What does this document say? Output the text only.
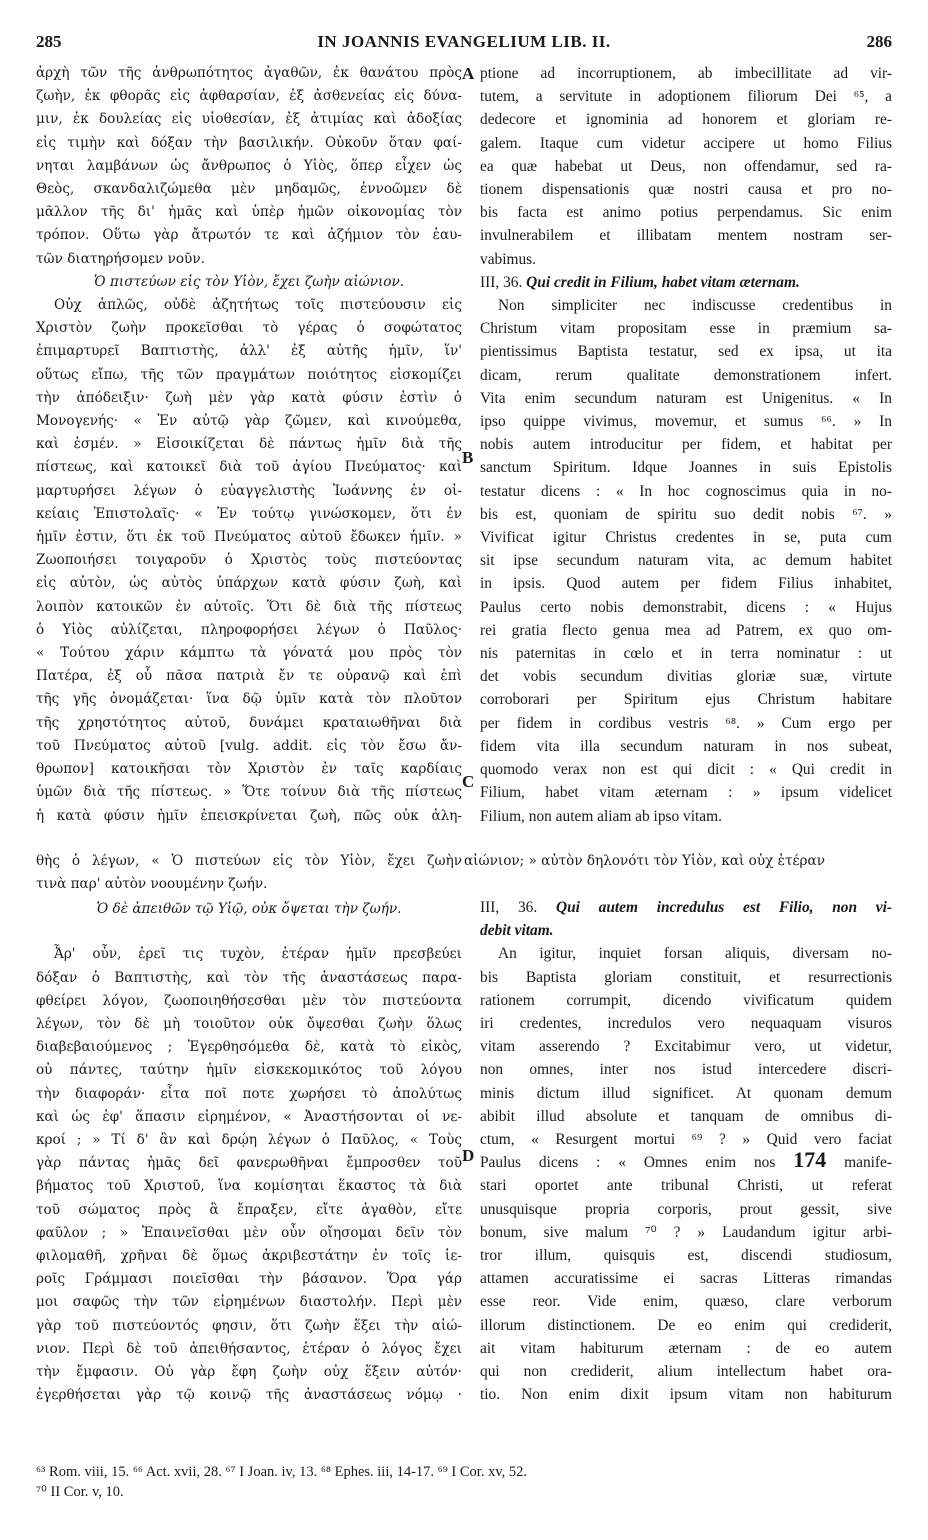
285	IN JOANNIS EVANGELIUM LIB. II.	286
ἀρχὴ τῶν τῆς ἀνθρωπότητος ἀγαθῶν, ἐκ θανάτου πρὸς
ζωὴν, ἐκ φθορᾶς εἰς ἀφθαρσίαν, ἐξ ἀσθενείας εἰς δύνα-
μιν, ἐκ δουλείας εἰς υἱοθεσίαν, ἐξ ἀτιμίας καὶ ἀδοξίας
εἰς τιμὴν καὶ δόξαν τὴν βασιλικήν. Οὐκοῦν ὅταν φαί-
νηται λαμβάνων ὡς ἄνθρωπος ὁ Υἱὸς, ὅπερ εἶχεν ὡς
Θεὸς, σκανδαλιζώμεθα μὲν μηδαμῶς, ἐννοῶμεν δὲ
μᾶλλον τῆς δι' ἡμᾶς καὶ ὑπὲρ ἡμῶν οἰκονομίας τὸν
τρόπον. Οὕτω γὰρ ἄτρωτόν τε καὶ ἀζήμιον τὸν ἑαυ-
τῶν διατηρήσομεν νοῦν.
Ὁ πιστεύων εἰς τὸν Υἱὸν, ἔχει ζωὴν αἰώνιον.
Οὐχ ἁπλῶς, οὐδὲ ἀζητήτως τοῖς πιστεύουσιν εἰς
Χριστὸν ζωὴν προκεῖσθαι τὸ γέρας ὁ σοφώτατος
ἐπιμαρτυρεῖ Βαπτιστὴς, ἀλλ' ἐξ αὐτῆς ἡμῖν, ἵν'
οὕτως εἴπω, τῆς τῶν πραγμάτων ποιότητος εἰσκομίζει
τὴν ἀπόδειξιν· ζωὴ μὲν γὰρ κατὰ φύσιν ἐστὶν ὁ
Μονογενής· « Ἐν αὐτῷ γὰρ ζῶμεν, καὶ κινούμεθα,
καὶ ἐσμέν. » Εἰσοικίζεται δὲ πάντως ἡμῖν διὰ τῆς
πίστεως, καὶ κατοικεῖ διὰ τοῦ ἁγίου Πνεύματος· καὶ
μαρτυρήσει λέγων ὁ εὐαγγελιστὴς Ἰωάννης ἐν οἰ-
κείαις Ἐπιστολαῖς· « Ἐν τούτῳ γινώσκομεν, ὅτι ἐν
ἡμῖν ἐστιν, ὅτι ἐκ τοῦ Πνεύματος αὐτοῦ ἔδωκεν ἡμῖν. »
Ζωοποιήσει τοιγαροῦν ὁ Χριστὸς τοὺς πιστεύοντας
εἰς αὐτὸν, ὡς αὐτὸς ὑπάρχων κατὰ φύσιν ζωὴ, καὶ
λοιπὸν κατοικῶν ἐν αὐτοῖς. Ὅτι δὲ διὰ τῆς πίστεως
ὁ Υἱὸς αὐλίζεται, πληροφορήσει λέγων ὁ Παῦλος·
« Τούτου χάριν κάμπτω τὰ γόνατά μου πρὸς τὸν
Πατέρα, ἐξ οὗ πᾶσα πατριὰ ἔν τε οὐρανῷ καὶ ἐπὶ
τῆς γῆς ὀνομάζεται· ἵνα δῷ ὑμῖν κατὰ τὸν πλοῦτον
τῆς χρηστότητος αὐτοῦ, δυνάμει κραταιωθῆναι διὰ
τοῦ Πνεύματος αὐτοῦ [vulg. addit. εἰς τὸν ἔσω ἄν-
θρωπον] κατοικῆσαι τὸν Χριστὸν ἐν ταῖς καρδίαις
ὑμῶν διὰ τῆς πίστεως. » Ὅτε τοίνυν διὰ τῆς πίστεως
ἡ κατὰ φύσιν ἡμῖν ἐπεισκρίνεται ζωὴ, πῶς οὐκ ἀλη-
θὴς ὁ λέγων, « Ὁ πιστεύων εἰς τὸν Υἱὸν, ἔχει ζωὴν αἰώνιον; » αὐτὸν δηλονότι τὸν Υἱὸν, καὶ οὐχ ἑτέραν
τινὰ παρ' αὐτὸν νοουμένην ζωήν.
Ὁ δὲ ἀπειθῶν τῷ Υἱῷ, οὐκ ὄψεται τὴν ζωήν.
Ἆρ' οὖν, ἐρεῖ τις τυχὸν, ἑτέραν ἡμῖν πρεσβεύει
δόξαν ὁ Βαπτιστὴς, καὶ τὸν τῆς ἀναστάσεως παρα-
φθείρει λόγον, ζωοποιηθήσεσθαι μὲν τὸν πιστεύοντα
λέγων, τὸν δὲ μὴ τοιοῦτον οὐκ ὄψεσθαι ζωὴν ὅλως
διαβεβαιούμενος ; Ἐγερθησόμεθα δὲ, κατὰ τὸ εἰκὸς,
οὐ πάντες, ταύτην ἡμῖν εἰσκεκομικότος τοῦ λόγου
τὴν διαφοράν· εἶτα ποῖ ποτε χωρήσει τὸ ἀπολύτως
καὶ ὡς ἐφ' ἅπασιν εἰρημένον, « Ἀναστήσονται οἱ νε-
κροί ; » Τί δ' ἂν καὶ δρῴη λέγων ὁ Παῦλος, « Τοὺς
γὰρ πάντας ἡμᾶς δεῖ φανερωθῆναι ἔμπροσθεν τοῦ
βήματος τοῦ Χριστοῦ, ἵνα κομίσηται ἕκαστος τὰ διὰ
τοῦ σώματος πρὸς ἃ ἔπραξεν, εἴτε ἀγαθὸν, εἴτε
φαῦλον ; » Ἐπαινεῖσθαι μὲν οὖν οἴησομαι δεῖν τὸν
φιλομαθῆ, χρῆναι δὲ ὅμως ἀκριβεστάτην ἐν τοῖς ἱε-
ροῖς Γράμμασι ποιεῖσθαι τὴν βάσανον. Ὅρα γάρ
μοι σαφῶς τὴν τῶν εἰρημένων διαστολήν. Περὶ μὲν
γὰρ τοῦ πιστεύοντός φησιν, ὅτι ζωὴν ἕξει τὴν αἰώ-
νιον. Περὶ δὲ τοῦ ἀπειθήσαντος, ἑτέραν ὁ λόγος ἔχει
τὴν ἔμφασιν. Οὐ γὰρ ἔφη ζωὴν οὐχ ἕξειν αὐτόν·
ἐγερθήσεται γὰρ τῷ κοινῷ τῆς ἀναστάσεως νόμῳ ·
ptione ad incorruptionem, ab imbecillitate ad vir-
tutem, a servitute in adoptionem filiorum Dei ⁶⁵, a
dedecore et ignominia ad honorem et gloriam re-
galem. Itaque cum videtur accipere ut homo Filius
ea quæ habebat ut Deus, non offendamur, sed ra-
tionem dispensationis quæ nostri causa et pro no-
bis facta est animo potius perpendamus. Sic enim
invulnerabilem et illibatam mentem nostram ser-
vabimus.
III, 36. Qui credit in Filium, habet vitam æternam.
Non simpliciter nec indiscusse credentibus in
Christum vitam propositam esse in præmium sa-
pientissimus Baptista testatur, sed ex ipsa, ut ita
dicam, rerum qualitate demonstrationem infert.
Vita enim secundum naturam est Unigenitus. « In
ipso quippe vivimus, movemur, et sumus ⁶⁶. » In
nobis autem introducitur per fidem, et habitat per
sanctum Spiritum. Idque Joannes in suis Epistolis
testatur dicens : « In hoc cognoscimus quia in no-
bis est, quoniam de spiritu suo dedit nobis ⁶⁷. »
Vivificat igitur Christus credentes in se, puta cum
sit ipse secundum naturam vita, ac demum habitet
in ipsis. Quod autem per fidem Filius inhabitet,
Paulus certo nobis demonstrabit, dicens : « Hujus
rei gratia flecto genua mea ad Patrem, ex quo om-
nis paternitas in cœlo et in terra nominatur : ut
det vobis secundum divitias gloriæ suæ, virtute
corroborari per Spiritum ejus Christum habitare
per fidem in cordibus vestris ⁶⁸. » Cum ergo per
fidem vita illa secundum naturam in nos subeat,
quomodo verax non est qui dicit : « Qui credit in
Filium, habet vitam æternam : » ipsum videlicet
Filium, non autem aliam ab ipso vitam.
III, 36. Qui autem incredulus est Filio, non vi-
debit vitam.
An igitur, inquiet forsan aliquis, diversam no-
bis Baptista gloriam constituit, et resurrectionis
rationem corrumpit, dicendo vivificatum quidem
iri credentes, incredulos vero nequaquam visuros
vitam asserendo ? Excitabimur vero, ut videtur,
non omnes, inter nos istud intercedere discri-
minis dictum illud significet. At quonam demum
abibit illud absolute et tanquam de omnibus di-
ctum, « Resurgent mortui ⁶⁹ ? » Quid vero faciat
Paulus dicens : « Omnes enim nos 174 manife-
stari oportet ante tribunal Christi, ut referat
unusquisque propria corporis, prout gessit, sive
bonum, sive malum ⁷⁰ ? » Laudandum igitur arbi-
tror illum, quisquis est, discendi studiosum,
attamen accuratissime ei sacras Litteras rimandas
esse reor. Vide enim, quæso, clare verborum
illorum distinctionem. De eo enim qui crediderit,
ait vitam habiturum æternam : de eo autem
qui non crediderit, alium intellectum habet ora-
tio. Non enim dixit ipsum vitam non habiturum
A
B
C
D
⁶³ Rom. viii, 15. ⁶⁶ Act. xvii, 28. ⁶⁷ I Joan. iv, 13. ⁶⁸ Ephes. iii, 14-17. ⁶⁹ I Cor. xv, 52.
⁷⁰ II Cor. v, 10.
